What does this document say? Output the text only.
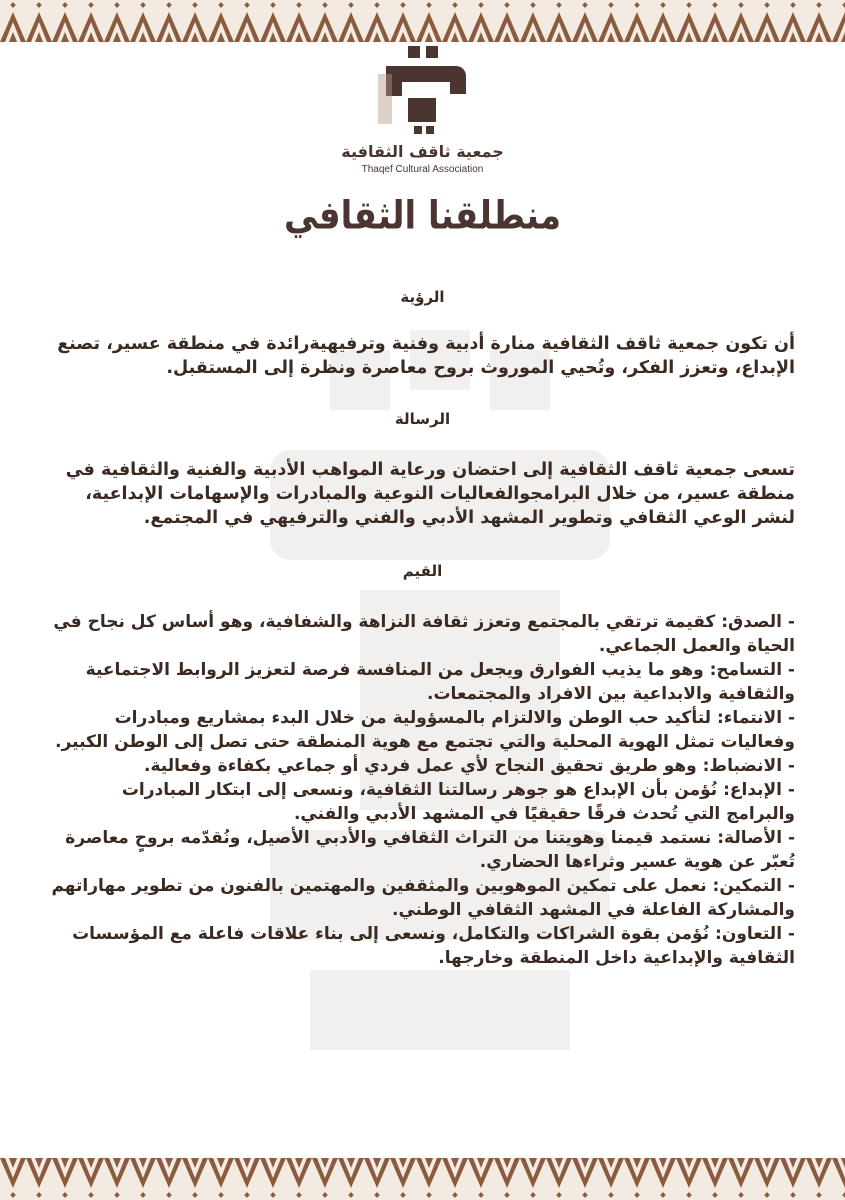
جمعية ثاقف الثقافية
Thaqef Cultural Association
منطلقنا الثقافي
الرؤية

أن تكون جمعية ثاقف الثقافية منارة أدبية وفنية وترفيهيةرائدة في منطقة عسير، تصنع الإبداع، وتعزز الفكر، وتُحيي الموروث بروح معاصرة ونظرة إلى المستقبل.

الرسالة

تسعى جمعية ثاقف الثقافية إلى احتضان ورعاية المواهب الأدبية والفنية والثقافية في منطقة عسير، من خلال البرامجوالفعاليات النوعية والمبادرات والإسهامات الإبداعية، لنشر الوعي الثقافي وتطوير المشهد الأدبي والفني والترفيهي في المجتمع.

القيم
- الصدق: كقيمة ترتقي بالمجتمع وتعزز ثقافة النزاهة والشفافية، وهو أساس كل نجاح في الحياة والعمل الجماعي.
- التسامح: وهو ما يذيب الفوارق ويجعل من المنافسة فرصة لتعزيز الروابط الاجتماعية والثقافية والابداعية بين الافراد والمجتمعات.
- الانتماء: لتأكيد حب الوطن والالتزام بالمسؤولية من خلال البدء بمشاريع ومبادرات وفعاليات تمثل الهوية المحلية والتي تجتمع مع هوية المنطقة حتى تصل إلى الوطن الكبير.
- الانضباط: وهو طريق تحقيق النجاح لأي عمل فردي أو جماعي بكفاءة وفعالية.
- الإبداع: نُؤمن بأن الإبداع هو جوهر رسالتنا الثقافية، ونسعى إلى ابتكار المبادرات والبرامج التي تُحدث فرقًا حقيقيًا في المشهد الأدبي والفني.
- الأصالة: نستمد قيمنا وهويتنا من التراث الثقافي والأدبي الأصيل، ونُقدّمه بروحٍ معاصرة تُعبّر عن هوية عسير وثراءها الحضاري.
- التمكين: نعمل على تمكين الموهوبين والمثقفين والمهتمين بالفنون من تطوير مهاراتهم والمشاركة الفاعلة في المشهد الثقافي الوطني.
- التعاون: نُؤمن بقوة الشراكات والتكامل، ونسعى إلى بناء علاقات فاعلة مع المؤسسات الثقافية والإبداعية داخل المنطقة وخارجها.
